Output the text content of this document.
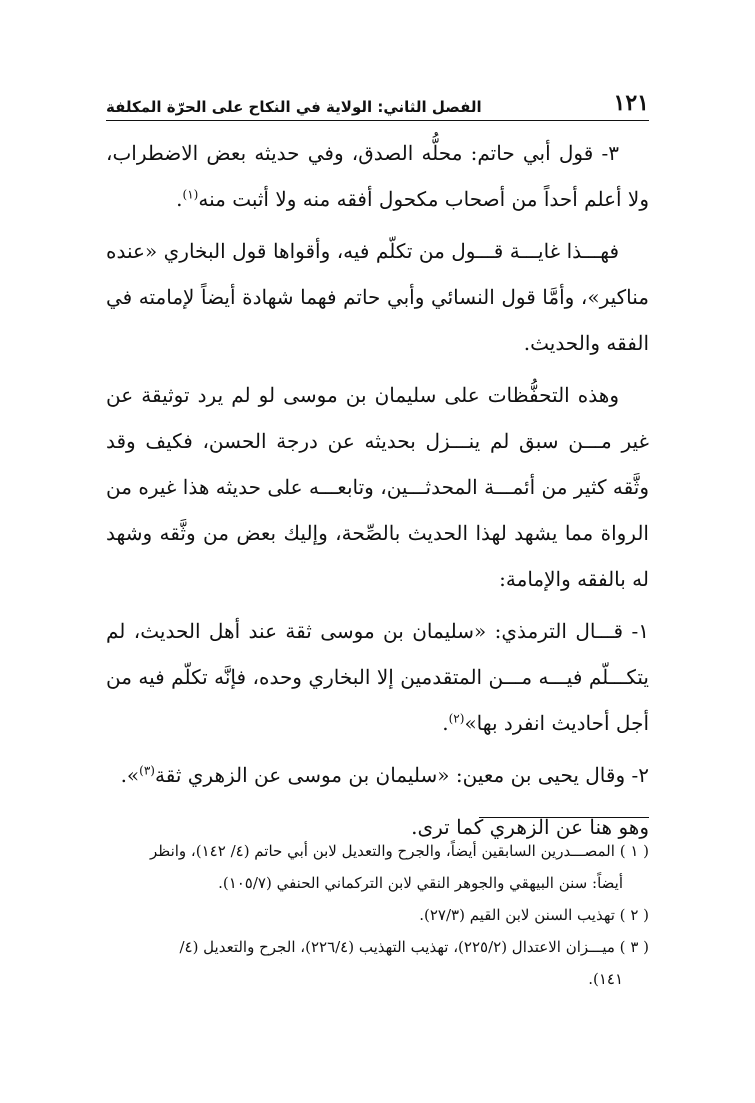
١٢١
الفصل الثاني: الولاية في النكاح على الحرّة المكلفة

٣- قول أبي حاتم: محلُّه الصدق، وفي حديثه بعض الاضطراب، ولا أعلم أحداً من أصحاب مكحول أفقه منه ولا أثبت منه$^{(١)}$.

فهـــذا غايـــة قـــول من تكلّم فيه، وأقواها قول البخاري «عنده مناكير»، وأمَّا قول النسائي وأبي حاتم فهما شهادة أيضاً لإمامته في الفقه والحديث.

وهذه التحفُّظات على سليمان بن موسى لو لم يرد توثيقة عن غير مـــن سبق لم ينـــزل بحديثه عن درجة الحسن، فكيف وقد وثَّقه كثير من أئمـــة المحدثـــين، وتابعـــه على حديثه هذا غيره من الرواة مما يشهد لهذا الحديث بالصِّحة، وإليك بعض من وثَّقه وشهد له بالفقه والإمامة:

١- قـــال الترمذي: «سليمان بن موسى ثقة عند أهل الحديث، لم يتكـــلّم فيـــه مـــن المتقدمين إلا البخاري وحده، فإنَّه تكلّم فيه من أجل أحاديث انفرد بها»$^{(٢)}$.

٢- وقال يحيى بن معين: «سليمان بن موسى عن الزهري ثقة$^{(٣)}$».

وهو هنا عن الزهري كما ترى.

( ١ ) المصـــدرين السابقين أيضاً، والجرح والتعديل لابن أبي حاتم (٤/ ١٤٢)، وانظر

أيضاً: سنن البيهقي والجوهر النقي لابن التركماني الحنفي (١٠٥/٧).

( ٢ ) تهذيب السنن لابن القيم (٢٧/٣).

( ٣ ) ميـــزان الاعتدال (٢٢٥/٢)، تهذيب التهذيب (٢٢٦/٤)، الجرح والتعديل (٤/

١٤١).
